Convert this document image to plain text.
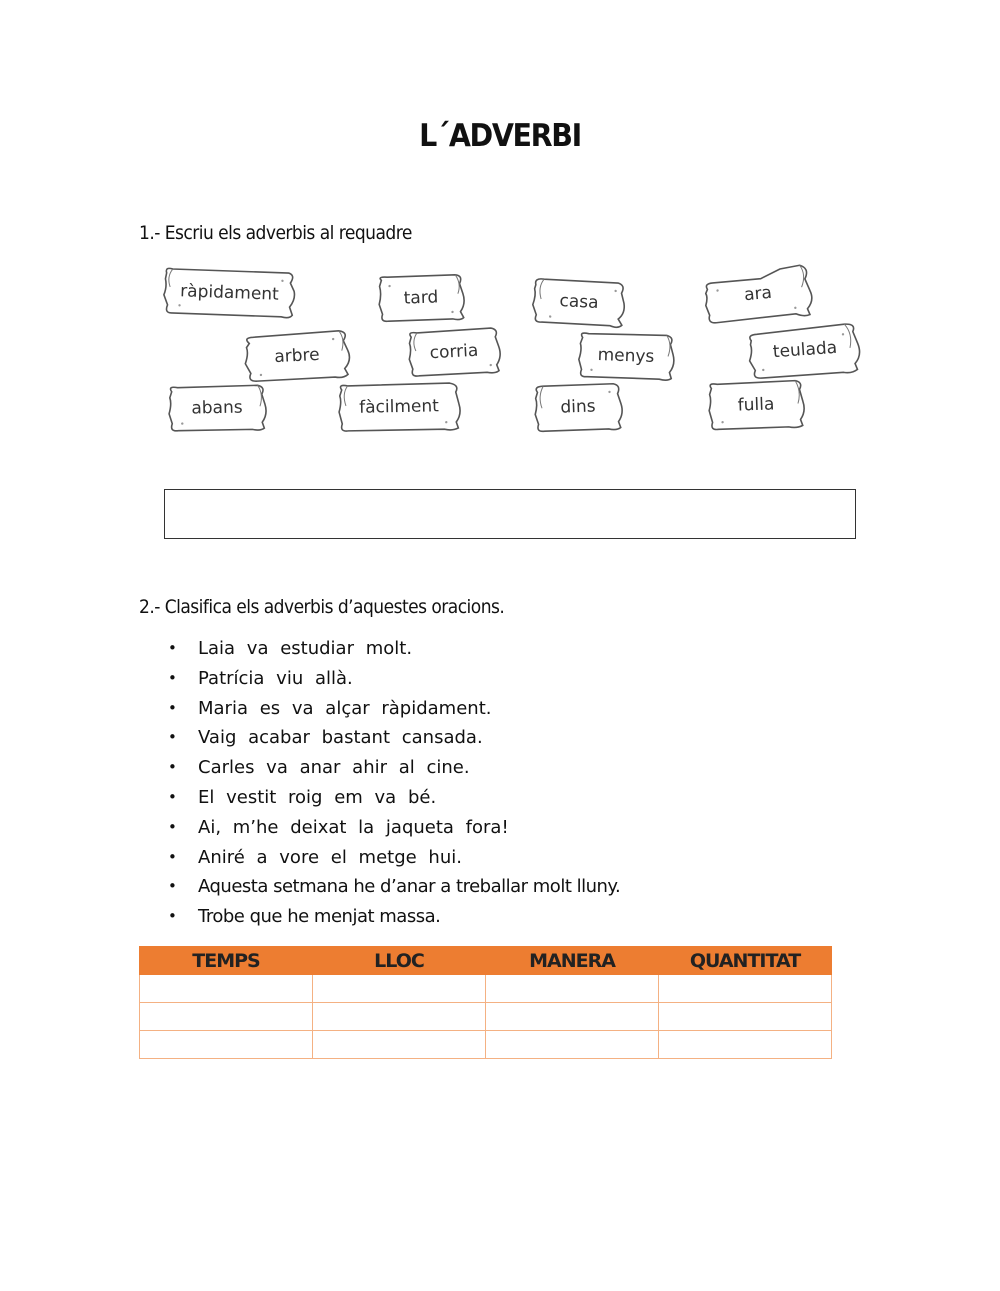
L´ADVERBI
1.- Escriu els adverbis al requadre
ràpidament	tard	casa	ara
arbre	corria	menys	teulada
abans	fàcilment	dins	fulla
2.- Clasifica els adverbis d’aquestes oracions.
• Laia va estudiar molt.
• Patrícia viu allà.
• Maria es va alçar ràpidament.
• Vaig acabar bastant cansada.
• Carles va anar ahir al cine.
• El vestit roig em va bé.
• Ai, m’he deixat la jaqueta fora!
• Aniré a vore el metge hui.
• Aquesta setmana he d’anar a treballar molt lluny.
• Trobe que he menjat massa.
TEMPS	LLOC	MANERA	QUANTITAT
